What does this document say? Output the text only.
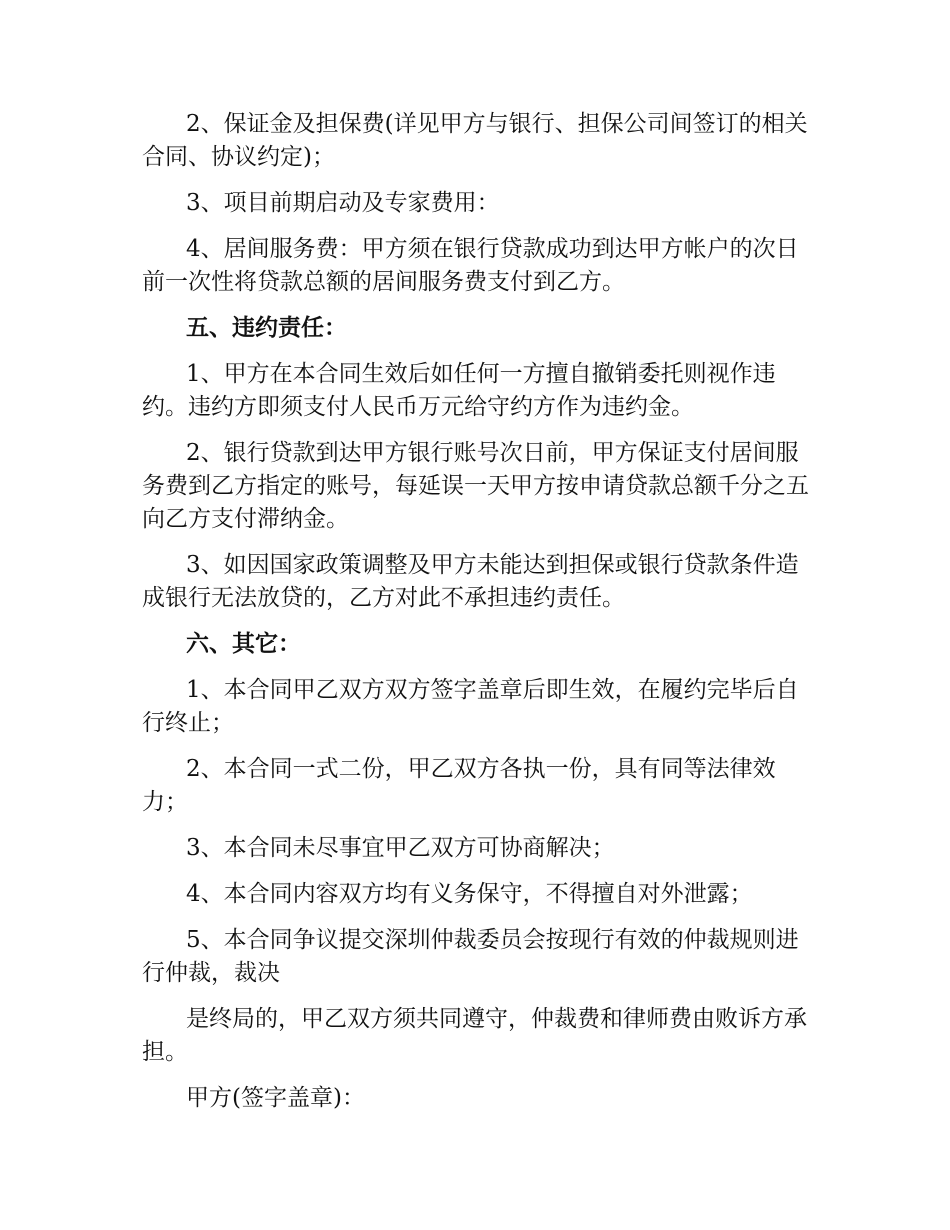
2、保证金及担保费(详见甲方与银行、担保公司间签订的相关合同、协议约定)；

3、项目前期启动及专家费用：

4、居间服务费：甲方须在银行贷款成功到达甲方帐户的次日前一次性将贷款总额的居间服务费支付到乙方。

五、违约责任：

1、甲方在本合同生效后如任何一方擅自撤销委托则视作违约。违约方即须支付人民币万元给守约方作为违约金。

2、银行贷款到达甲方银行账号次日前，甲方保证支付居间服务费到乙方指定的账号，每延误一天甲方按申请贷款总额千分之五向乙方支付滞纳金。

3、如因国家政策调整及甲方未能达到担保或银行贷款条件造成银行无法放贷的，乙方对此不承担违约责任。

六、其它：

1、本合同甲乙双方双方签字盖章后即生效，在履约完毕后自行终止；

2、本合同一式二份，甲乙双方各执一份，具有同等法律效力；

3、本合同未尽事宜甲乙双方可协商解决；

4、本合同内容双方均有义务保守，不得擅自对外泄露；

5、本合同争议提交深圳仲裁委员会按现行有效的仲裁规则进行仲裁，裁决

是终局的，甲乙双方须共同遵守，仲裁费和律师费由败诉方承担。

甲方(签字盖章)：
